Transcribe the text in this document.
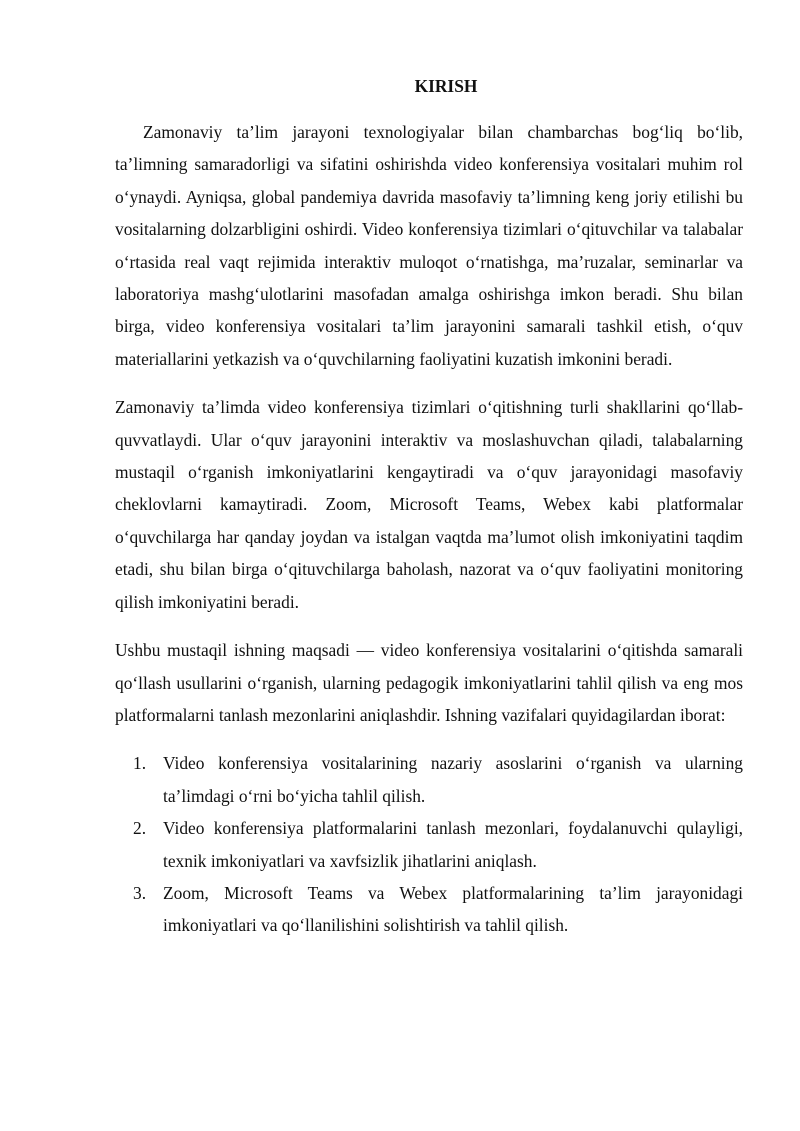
KIRISH

Zamonaviy ta’lim jarayoni texnologiyalar bilan chambarchas bog‘liq bo‘lib, ta’limning samaradorligi va sifatini oshirishda video konferensiya vositalari muhim rol o‘ynaydi. Ayniqsa, global pandemiya davrida masofaviy ta’limning keng joriy etilishi bu vositalarning dolzarbligini oshirdi. Video konferensiya tizimlari o‘qituvchilar va talabalar o‘rtasida real vaqt rejimida interaktiv muloqot o‘rnatishga, ma’ruzalar, seminarlar va laboratoriya mashg‘ulotlarini masofadan amalga oshirishga imkon beradi. Shu bilan birga, video konferensiya vositalari ta’lim jarayonini samarali tashkil etish, o‘quv materiallarini yetkazish va o‘quvchilarning faoliyatini kuzatish imkonini beradi.

Zamonaviy ta’limda video konferensiya tizimlari o‘qitishning turli shakllarini qo‘llab-quvvatlaydi. Ular o‘quv jarayonini interaktiv va moslashuvchan qiladi, talabalarning mustaqil o‘rganish imkoniyatlarini kengaytiradi va o‘quv jarayonidagi masofaviy cheklovlarni kamaytiradi. Zoom, Microsoft Teams, Webex kabi platformalar o‘quvchilarga har qanday joydan va istalgan vaqtda ma’lumot olish imkoniyatini taqdim etadi, shu bilan birga o‘qituvchilarga baholash, nazorat va o‘quv faoliyatini monitoring qilish imkoniyatini beradi.

Ushbu mustaqil ishning maqsadi — video konferensiya vositalarini o‘qitishda samarali qo‘llash usullarini o‘rganish, ularning pedagogik imkoniyatlarini tahlil qilish va eng mos platformalarni tanlash mezonlarini aniqlashdir. Ishning vazifalari quyidagilardan iborat:

1. Video konferensiya vositalarining nazariy asoslarini o‘rganish va ularning ta’limdagi o‘rni bo‘yicha tahlil qilish.
2. Video konferensiya platformalarini tanlash mezonlari, foydalanuvchi qulayligi, texnik imkoniyatlari va xavfsizlik jihatlarini aniqlash.
3. Zoom, Microsoft Teams va Webex platformalarining ta’lim jarayonidagi imkoniyatlari va qo‘llanilishini solishtirish va tahlil qilish.
